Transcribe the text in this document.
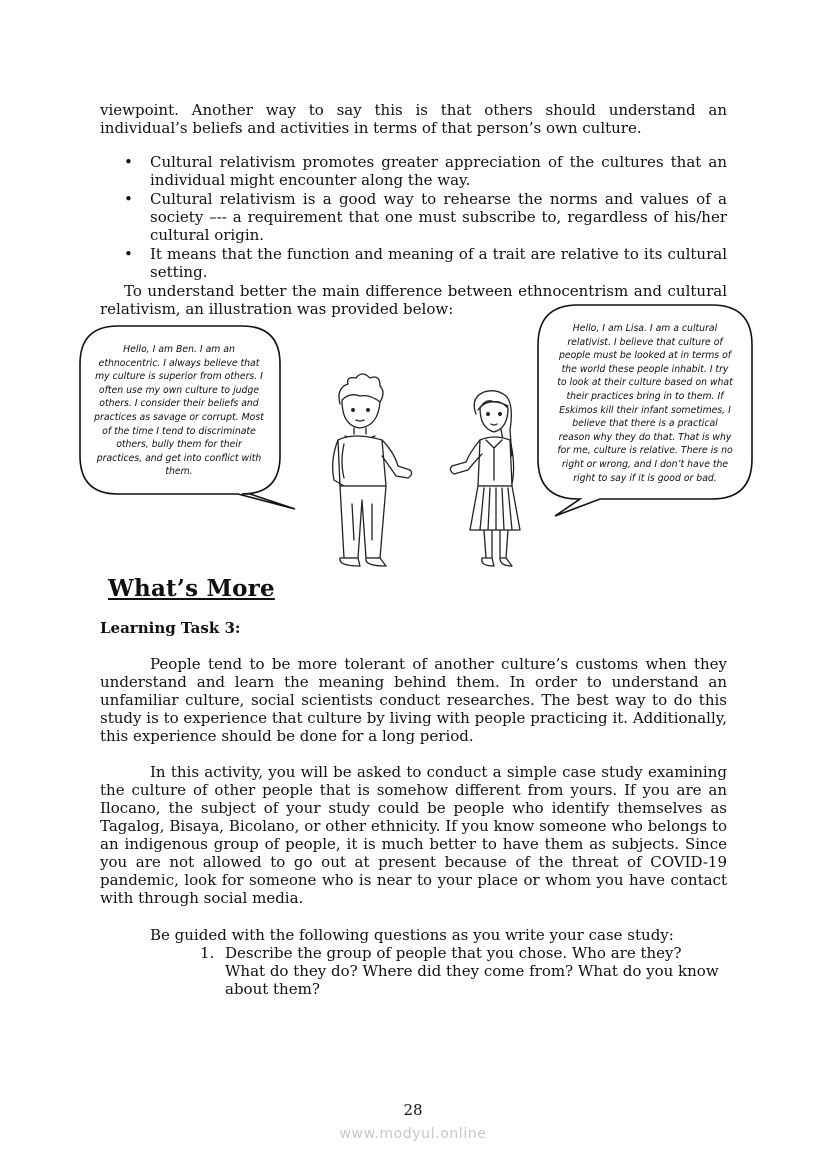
viewpoint. Another way to say this is that others should understand an individual’s beliefs and activities in terms of that person’s own culture.

• Cultural relativism promotes greater appreciation of the cultures that an individual might encounter along the way.
• Cultural relativism is a good way to rehearse the norms and values of a society –-- a requirement that one must subscribe to, regardless of his/her cultural origin.
• It means that the function and meaning of a trait are relative to its cultural setting.

To understand better the main difference between ethnocentrism and cultural relativism, an illustration was provided below:

Hello, I am Ben. I am an ethnocentric. I always believe that my culture is superior from others. I often use my own culture to judge others. I consider their beliefs and practices as savage or corrupt. Most of the time I tend to discriminate others, bully them for their practices, and get into conflict with them.

Hello, I am Lisa. I am a cultural relativist. I believe that culture of people must be looked at in terms of the world these people inhabit. I try to look at their culture based on what their practices bring in to them. If Eskimos kill their infant sometimes, I believe that there is a practical reason why they do that. That is why for me, culture is relative. There is no right or wrong, and I don’t have the right to say if it is good or bad.

What’s More

Learning Task 3:

People tend to be more tolerant of another culture’s customs when they understand and learn the meaning behind them. In order to understand an unfamiliar culture, social scientists conduct researches. The best way to do this study is to experience that culture by living with people practicing it. Additionally, this experience should be done for a long period.

In this activity, you will be asked to conduct a simple case study examining the culture of other people that is somehow different from yours. If you are an Ilocano, the subject of your study could be people who identify themselves as Tagalog, Bisaya, Bicolano, or other ethnicity. If you know someone who belongs to an indigenous group of people, it is much better to have them as subjects. Since you are not allowed to go out at present because of the threat of COVID-19 pandemic, look for someone who is near to your place or whom you have contact with through social media.

Be guided with the following questions as you write your case study:

1. Describe the group of people that you chose. Who are they? What do they do? Where did they come from? What do you know about them?
28
www.modyul.online
